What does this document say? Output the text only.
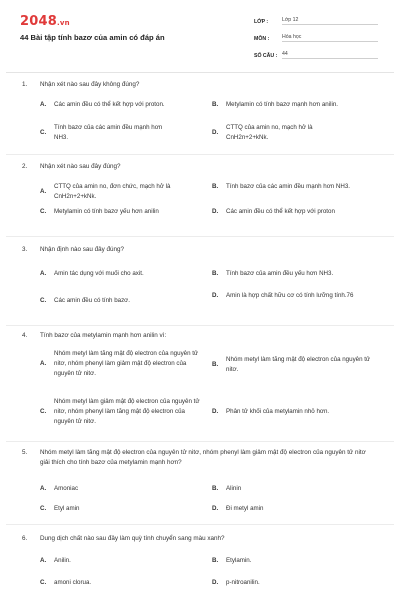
2048.vn
44 Bài tập tính bazơ của amin có đáp án
LỚP :	Lớp 12
MÔN :	Hóa học
SỐ CÂU : 44
1. Nhận xét nào sau đây không đúng?
A.	Các amin đều có thể kết hợp với proton.	B.	Metylamin có tính bazơ mạnh hơn anilin.
C.
Tính bazơ của các amin đều mạnh hơn NH3.
D.
CTTQ của amin no, mạch hở là CnH2n+2+kNk.
2. Nhận xét nào sau đây đúng?
A.
CTTQ của amin no, đơn chức, mạch hở là CnH2n+2+kNk.
B.	Tính bazơ của các amin đều mạnh hơn NH3.
C.	Metylamin có tính bazơ yếu hơn anilin	D.	Các amin đều có thể kết hợp với proton
3. Nhận định nào sau đây đúng?
A.	Amin tác dụng với muối cho axit.	B.	Tính bazơ của amin đều yếu hơn NH3.
C.	Các amin đều có tính bazơ.
D.	Amin là hợp chất hữu cơ có tính lưỡng tính.76
4. Tính bazơ của metylamin mạnh hơn anilin vì:
A.
Nhóm metyl làm tăng mật độ electron của nguyên tử nitơ, nhóm phenyl làm giảm mật độ electron của nguyên tử nitơ.
B.
Nhóm metyl làm tăng mật độ electron của nguyên tử nitơ.
C.
Nhóm metyl làm giảm mật độ electron của nguyên tử nitơ, nhóm phenyl làm tăng mật độ electron của nguyên tử nitơ.
D.	Phân tử khối của metylamin nhỏ hơn.
5. Nhóm metyl làm tăng mật độ electron của nguyên tử nitơ, nhóm phenyl làm giảm mật độ electron của nguyên tử nitơ giải thích cho tính bazơ của metylamin mạnh hơn?
A.	Amoniac	B.	Alinin
C.	Etyl amin	D.	Đi metyl amin
6. Dung dịch chất nào sau đây làm quỳ tính chuyển sang màu xanh?
A.	Anilin.	B.	Etylamin.
C.	amoni clorua.	D.	p-nitroanilin.
